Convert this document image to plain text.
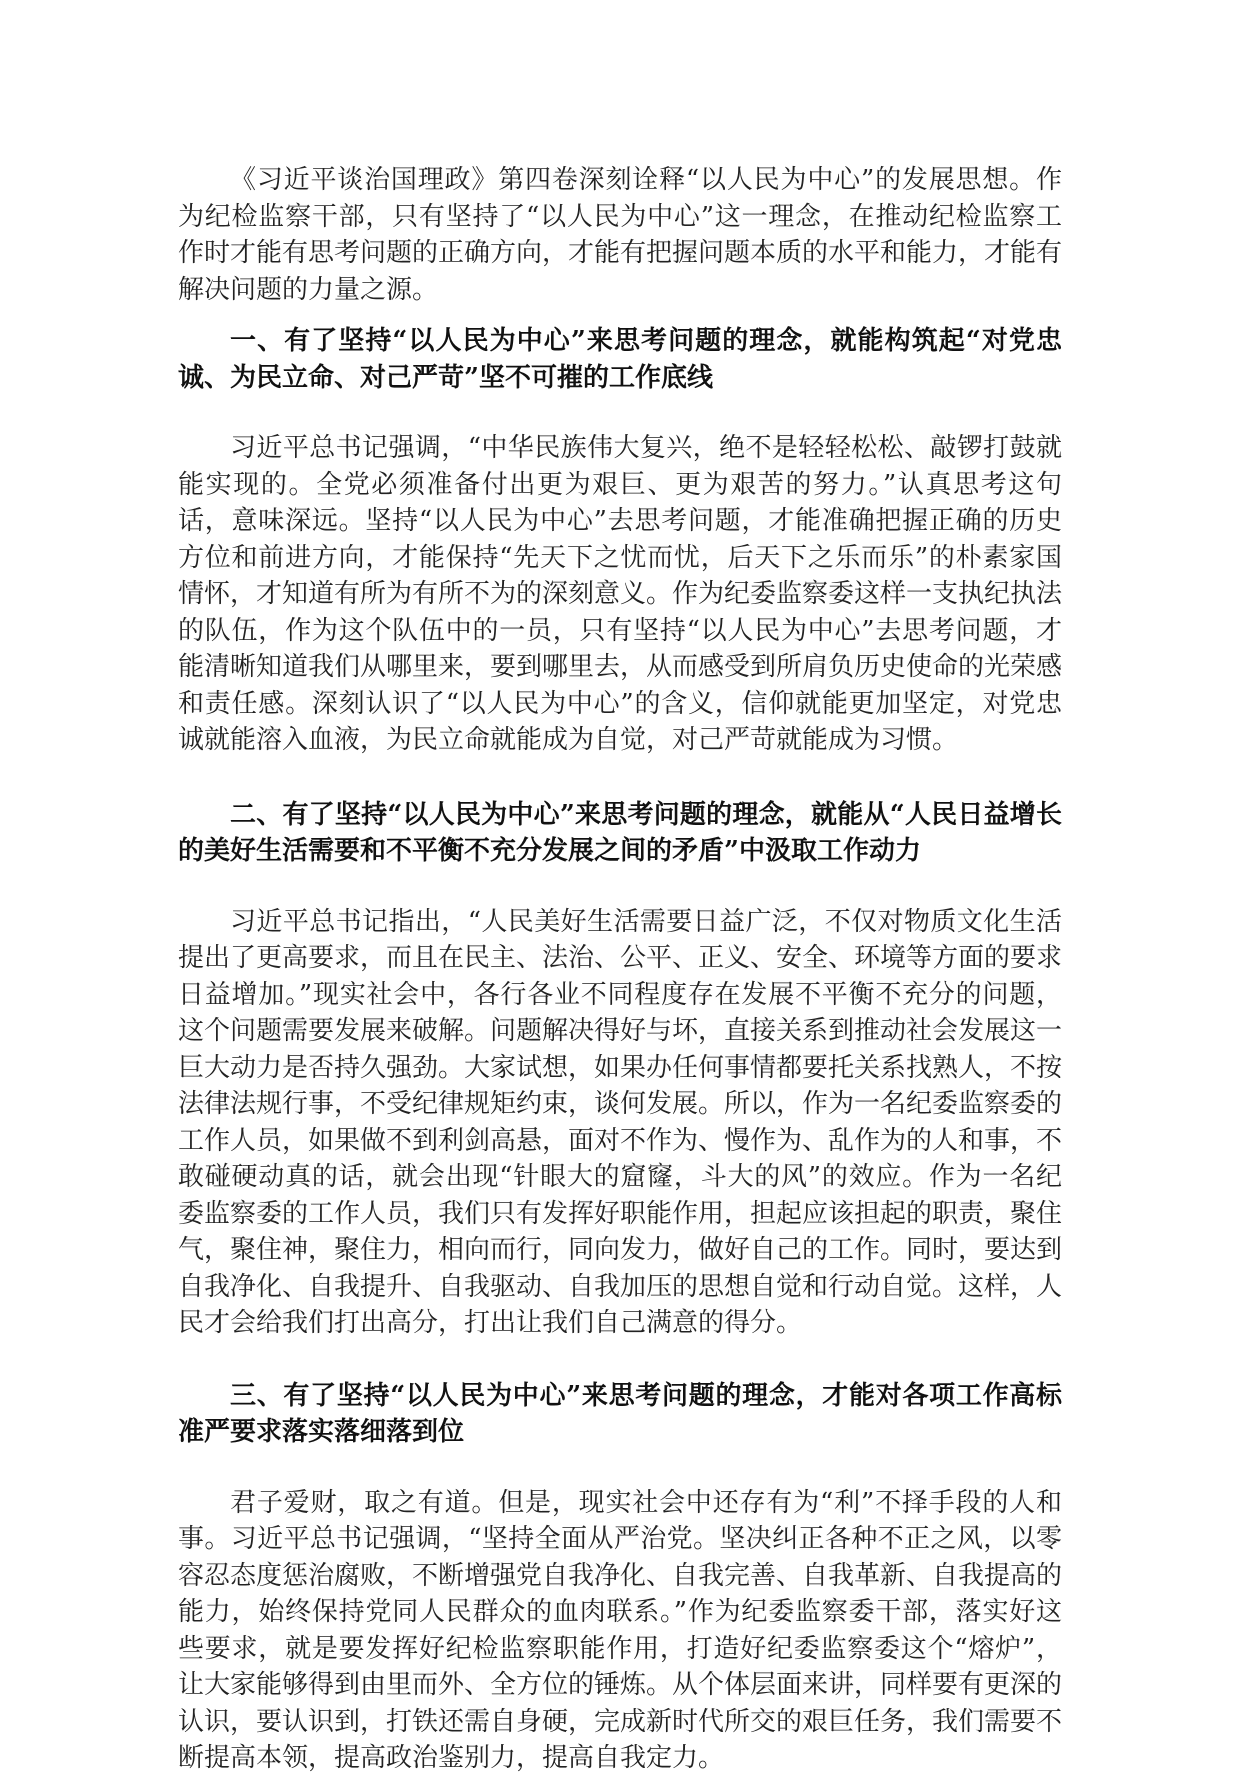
《习近平谈治国理政》第四卷深刻诠释“以人民为中心”的发展思想。作为纪检监察干部，只有坚持了“以人民为中心”这一理念，在推动纪检监察工作时才能有思考问题的正确方向，才能有把握问题本质的水平和能力，才能有解决问题的力量之源。

一、有了坚持“以人民为中心”来思考问题的理念，就能构筑起“对党忠诚、为民立命、对己严苛”坚不可摧的工作底线

习近平总书记强调，“中华民族伟大复兴，绝不是轻轻松松、敲锣打鼓就能实现的。全党必须准备付出更为艰巨、更为艰苦的努力。”认真思考这句话，意味深远。坚持“以人民为中心”去思考问题，才能准确把握正确的历史方位和前进方向，才能保持“先天下之忧而忧，后天下之乐而乐”的朴素家国情怀，才知道有所为有所不为的深刻意义。作为纪委监察委这样一支执纪执法的队伍，作为这个队伍中的一员，只有坚持“以人民为中心”去思考问题，才能清晰知道我们从哪里来，要到哪里去，从而感受到所肩负历史使命的光荣感和责任感。深刻认识了“以人民为中心”的含义，信仰就能更加坚定，对党忠诚就能溶入血液，为民立命就能成为自觉，对己严苛就能成为习惯。

二、有了坚持“以人民为中心”来思考问题的理念，就能从“人民日益增长的美好生活需要和不平衡不充分发展之间的矛盾”中汲取工作动力

习近平总书记指出，“人民美好生活需要日益广泛，不仅对物质文化生活提出了更高要求，而且在民主、法治、公平、正义、安全、环境等方面的要求日益增加。”现实社会中，各行各业不同程度存在发展不平衡不充分的问题，这个问题需要发展来破解。问题解决得好与坏，直接关系到推动社会发展这一巨大动力是否持久强劲。大家试想，如果办任何事情都要托关系找熟人，不按法律法规行事，不受纪律规矩约束，谈何发展。所以，作为一名纪委监察委的工作人员，如果做不到利剑高悬，面对不作为、慢作为、乱作为的人和事，不敢碰硬动真的话，就会出现“针眼大的窟窿，斗大的风”的效应。作为一名纪委监察委的工作人员，我们只有发挥好职能作用，担起应该担起的职责，聚住气，聚住神，聚住力，相向而行，同向发力，做好自己的工作。同时，要达到自我净化、自我提升、自我驱动、自我加压的思想自觉和行动自觉。这样，人民才会给我们打出高分，打出让我们自己满意的得分。

三、有了坚持“以人民为中心”来思考问题的理念，才能对各项工作高标准严要求落实落细落到位

君子爱财，取之有道。但是，现实社会中还存有为“利”不择手段的人和事。习近平总书记强调，“坚持全面从严治党。坚决纠正各种不正之风，以零容忍态度惩治腐败，不断增强党自我净化、自我完善、自我革新、自我提高的能力，始终保持党同人民群众的血肉联系。”作为纪委监察委干部，落实好这些要求，就是要发挥好纪检监察职能作用，打造好纪委监察委这个“熔炉”，让大家能够得到由里而外、全方位的锤炼。从个体层面来讲，同样要有更深的认识，要认识到，打铁还需自身硬，完成新时代所交的艰巨任务，我们需要不断提高本领，提高政治鉴别力，提高自我定力。
